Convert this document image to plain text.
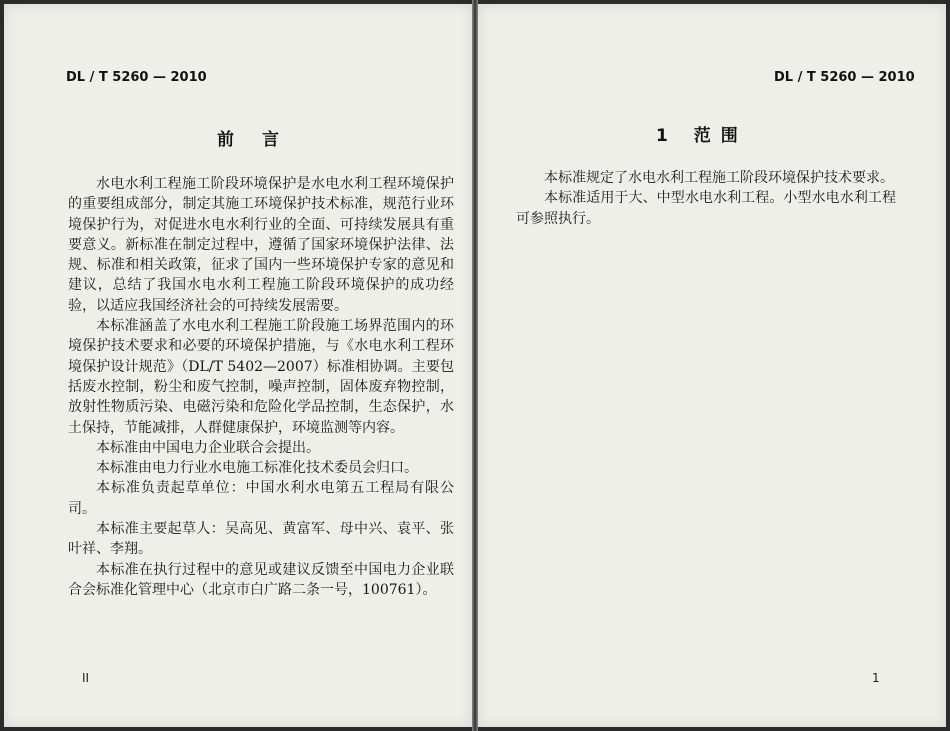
DL / T 5260 — 2010
前言

水电水利工程施工阶段环境保护是水电水利工程环境保护的重要组成部分，制定其施工环境保护技术标准，规范行业环境保护行为，对促进水电水利行业的全面、可持续发展具有重要意义。新标准在制定过程中，遵循了国家环境保护法律、法规、标准和相关政策，征求了国内一些环境保护专家的意见和建议，总结了我国水电水利工程施工阶段环境保护的成功经验，以适应我国经济社会的可持续发展需要。

本标准涵盖了水电水利工程施工阶段施工场界范围内的环境保护技术要求和必要的环境保护措施，与《水电水利工程环境保护设计规范》（DL/T 5402—2007）标准相协调。主要包括废水控制，粉尘和废气控制，噪声控制，固体废弃物控制，放射性物质污染、电磁污染和危险化学品控制，生态保护，水土保持，节能减排，人群健康保护，环境监测等内容。

本标准由中国电力企业联合会提出。

本标准由电力行业水电施工标准化技术委员会归口。

本标准负责起草单位：中国水利水电第五工程局有限公司。

本标准主要起草人：吴高见、黄富军、母中兴、袁平、张叶祥、李翔。

本标准在执行过程中的意见或建议反馈至中国电力企业联合会标准化管理中心（北京市白广路二条一号，100761）。

II
DL / T 5260 — 2010
1 范围

本标准规定了水电水利工程施工阶段环境保护技术要求。

本标准适用于大、中型水电水利工程。小型水电水利工程可参照执行。

1
